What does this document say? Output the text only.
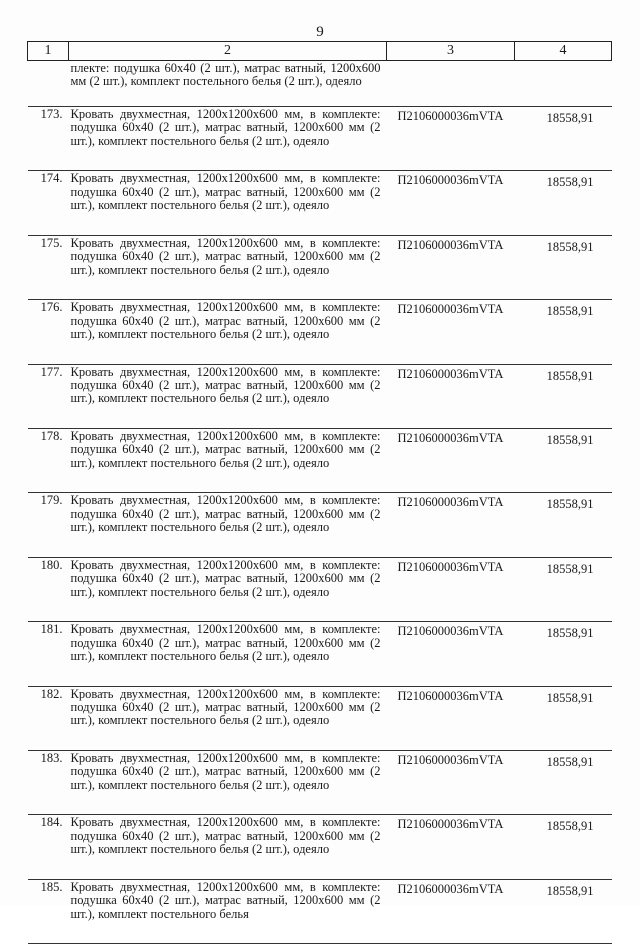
9
1	2	3	4

	плекте: подушка 60х40 (2 шт.), матрас ватный, 1200х600 мм (2 шт.), комплект постельного белья (2 шт.), одеяло		

173.	Кровать двухместная, 1200х1200х600 мм, в комплекте: подушка 60х40 (2 шт.), матрас ватный, 1200х600 мм (2 шт.), комплект постельного белья (2 шт.), одеяло	П2106000036mVTA	18558,91
174.	Кровать двухместная, 1200х1200х600 мм, в комплекте: подушка 60х40 (2 шт.), матрас ватный, 1200х600 мм (2 шт.), комплект постельного белья (2 шт.), одеяло	П2106000036mVTA	18558,91
175.	Кровать двухместная, 1200х1200х600 мм, в комплекте: подушка 60х40 (2 шт.), матрас ватный, 1200х600 мм (2 шт.), комплект постельного белья (2 шт.), одеяло	П2106000036mVTA	18558,91
176.	Кровать двухместная, 1200х1200х600 мм, в комплекте: подушка 60х40 (2 шт.), матрас ватный, 1200х600 мм (2 шт.), комплект постельного белья (2 шт.), одеяло	П2106000036mVTA	18558,91
177.	Кровать двухместная, 1200х1200х600 мм, в комплекте: подушка 60х40 (2 шт.), матрас ватный, 1200х600 мм (2 шт.), комплект постельного белья (2 шт.), одеяло	П2106000036mVTA	18558,91
178.	Кровать двухместная, 1200х1200х600 мм, в комплекте: подушка 60х40 (2 шт.), матрас ватный, 1200х600 мм (2 шт.), комплект постельного белья (2 шт.), одеяло	П2106000036mVTA	18558,91
179.	Кровать двухместная, 1200х1200х600 мм, в комплекте: подушка 60х40 (2 шт.), матрас ватный, 1200х600 мм (2 шт.), комплект постельного белья (2 шт.), одеяло	П2106000036mVTA	18558,91
180.	Кровать двухместная, 1200х1200х600 мм, в комплекте: подушка 60х40 (2 шт.), матрас ватный, 1200х600 мм (2 шт.), комплект постельного белья (2 шт.), одеяло	П2106000036mVTA	18558,91
181.	Кровать двухместная, 1200х1200х600 мм, в комплекте: подушка 60х40 (2 шт.), матрас ватный, 1200х600 мм (2 шт.), комплект постельного белья (2 шт.), одеяло	П2106000036mVTA	18558,91
182.	Кровать двухместная, 1200х1200х600 мм, в комплекте: подушка 60х40 (2 шт.), матрас ватный, 1200х600 мм (2 шт.), комплект постельного белья (2 шт.), одеяло	П2106000036mVTA	18558,91
183.	Кровать двухместная, 1200х1200х600 мм, в комплекте: подушка 60х40 (2 шт.), матрас ватный, 1200х600 мм (2 шт.), комплект постельного белья (2 шт.), одеяло	П2106000036mVTA	18558,91
184.	Кровать двухместная, 1200х1200х600 мм, в комплекте: подушка 60х40 (2 шт.), матрас ватный, 1200х600 мм (2 шт.), комплект постельного белья (2 шт.), одеяло	П2106000036mVTA	18558,91
185.	Кровать двухместная, 1200х1200х600 мм, в комплекте: подушка 60х40 (2 шт.), матрас ватный, 1200х600 мм (2 шт.), комплект постельного белья	П2106000036mVTA	18558,91
